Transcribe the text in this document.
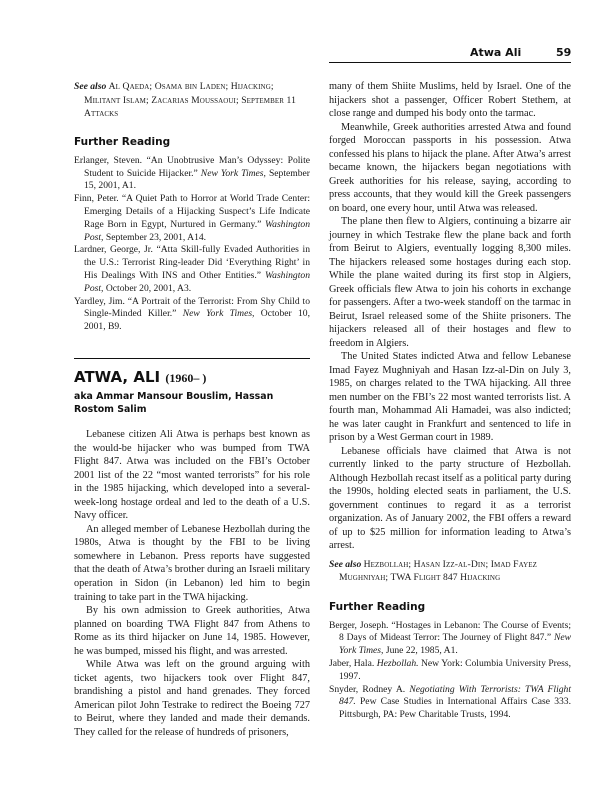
Atwa Ali	59

See also Al Qaeda; Osama bin Laden; Hijacking; Militant Islam; Zacarias Moussaoui; September 11 Attacks

Further Reading
Erlanger, Steven. “An Unobtrusive Man’s Odyssey: Polite Student to Suicide Hijacker.” New York Times, September 15, 2001, A1.
Finn, Peter. “A Quiet Path to Horror at World Trade Center: Emerging Details of a Hijacking Suspect’s Life Indicate Rage Born in Egypt, Nurtured in Germany.” Washington Post, September 23, 2001, A14.
Lardner, George, Jr. “Atta Skill-fully Evaded Authorities in the U.S.: Terrorist Ring-leader Did ‘Everything Right’ in His Dealings With INS and Other Entities.” Washington Post, October 20, 2001, A3.
Yardley, Jim. “A Portrait of the Terrorist: From Shy Child to Single-Minded Killer.” New York Times, October 10, 2001, B9.
ATWA, ALI (1960– )
aka Ammar Mansour Bouslim, Hassan Rostom Salim

Lebanese citizen Ali Atwa is perhaps best known as the would-be hijacker who was bumped from TWA Flight 847. Atwa was included on the FBI’s October 2001 list of the 22 “most wanted terrorists” for his role in the 1985 hijacking, which developed into a several-week-long hostage ordeal and led to the death of a U.S. Navy officer.

An alleged member of Lebanese Hezbollah during the 1980s, Atwa is thought by the FBI to be living somewhere in Lebanon. Press reports have suggested that the death of Atwa’s brother during an Israeli military operation in Sidon (in Lebanon) led him to begin training to take part in the TWA hijacking.

By his own admission to Greek authorities, Atwa planned on boarding TWA Flight 847 from Athens to Rome as its third hijacker on June 14, 1985. However, he was bumped, missed his flight, and was arrested.

While Atwa was left on the ground arguing with ticket agents, two hijackers took over Flight 847, brandishing a pistol and hand grenades. They forced American pilot John Testrake to redirect the Boeing 727 to Beirut, where they landed and made their demands. They called for the release of hundreds of prisoners,

many of them Shiite Muslims, held by Israel. One of the hijackers shot a passenger, Officer Robert Stethem, at close range and dumped his body onto the tarmac.

Meanwhile, Greek authorities arrested Atwa and found forged Moroccan passports in his possession. Atwa confessed his plans to hijack the plane. After Atwa’s arrest became known, the hijackers began negotiations with Greek authorities for his release, saying, according to press accounts, that they would kill the Greek passengers on board, one every hour, until Atwa was released.

The plane then flew to Algiers, continuing a bizarre air journey in which Testrake flew the plane back and forth from Beirut to Algiers, eventually logging 8,300 miles. The hijackers released some hostages during each stop. While the plane waited during its first stop in Algiers, Greek officials flew Atwa to join his cohorts in exchange for passengers. After a two-week standoff on the tarmac in Beirut, Israel released some of the Shiite prisoners. The hijackers released all of their hostages and flew to freedom in Algiers.

The United States indicted Atwa and fellow Lebanese Imad Fayez Mughniyah and Hasan Izz-al-Din on July 3, 1985, on charges related to the TWA hijacking. All three men number on the FBI’s 22 most wanted terrorists list. A fourth man, Mohammad Ali Hamadei, was also indicted; he was later caught in Frankfurt and sentenced to life in prison by a West German court in 1989.

Lebanese officials have claimed that Atwa is not currently linked to the party structure of Hezbollah. Although Hezbollah recast itself as a political party during the 1990s, holding elected seats in parliament, the U.S. government continues to regard it as a terrorist organization. As of January 2002, the FBI offers a reward of up to $25 million for information leading to Atwa’s arrest.

See also Hezbollah; Hasan Izz-al-Din; Imad Fayez Mughniyah; TWA Flight 847 Hijacking

Further Reading
Berger, Joseph. “Hostages in Lebanon: The Course of Events; 8 Days of Mideast Terror: The Journey of Flight 847.” New York Times, June 22, 1985, A1.
Jaber, Hala. Hezbollah. New York: Columbia University Press, 1997.
Snyder, Rodney A. Negotiating With Terrorists: TWA Flight 847. Pew Case Studies in International Affairs Case 333. Pittsburgh, PA: Pew Charitable Trusts, 1994.
